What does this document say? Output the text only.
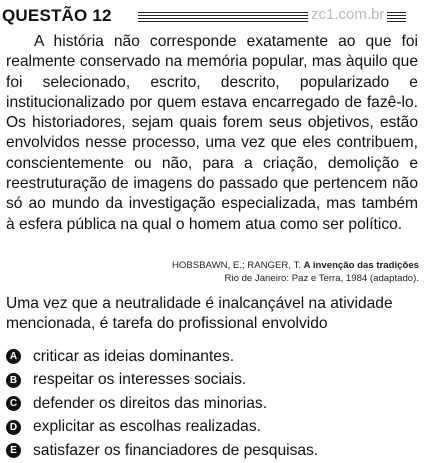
QUESTÃO 12	zc1.com.br

A história não corresponde exatamente ao que foi realmente conservado na memória popular, mas àquilo que foi selecionado, escrito, descrito, popularizado e institucionalizado por quem estava encarregado de fazê-lo. Os historiadores, sejam quais forem seus objetivos, estão envolvidos nesse processo, uma vez que eles contribuem, conscientemente ou não, para a criação, demolição e reestruturação de imagens do passado que pertencem não só ao mundo da investigação especializada, mas também à esfera pública na qual o homem atua como ser político.

HOBSBAWN, E.; RANGER, T. A invenção das tradições
Rio de Janeiro: Paz e Terra, 1984 (adaptado).
Uma vez que a neutralidade é inalcançável na atividade
mencionada, é tarefa do profissional envolvido
A criticar as ideias dominantes.
B respeitar os interesses sociais.
C defender os direitos das minorias.
D explicitar as escolhas realizadas.
E satisfazer os financiadores de pesquisas.
